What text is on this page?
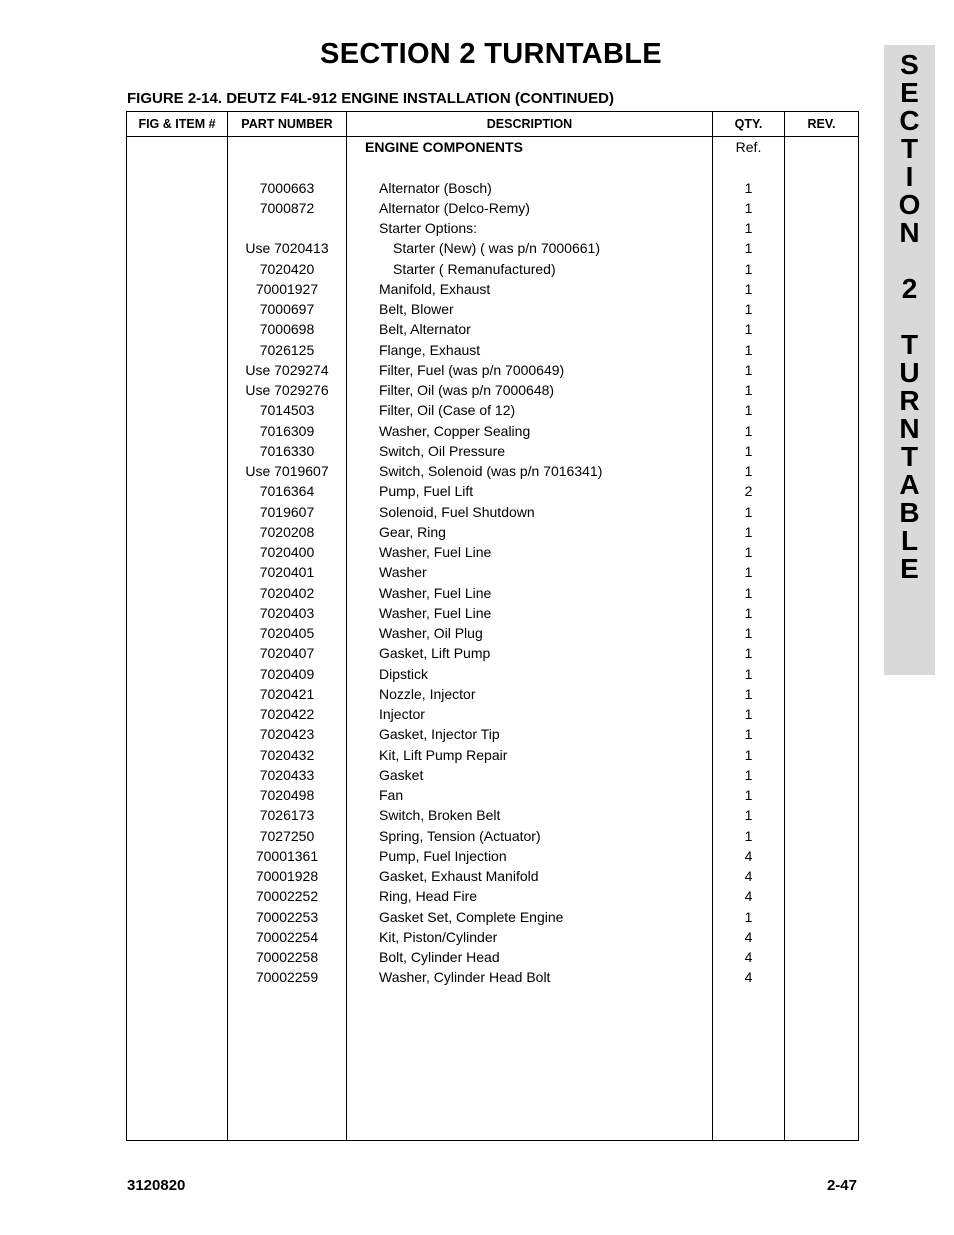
SECTION 2 TURNTABLE
FIGURE 2-14. DEUTZ F4L-912 ENGINE INSTALLATION (CONTINUED)
S
E
C
T
I
O
N

2

T
U
R
N
T
A
B
L
E
FIG & ITEM #	PART NUMBER	DESCRIPTION	QTY.	REV.
		ENGINE COMPONENTS	Ref.	

	7000663	Alternator (Bosch)	1	
	7000872	Alternator (Delco-Remy)	1	
		Starter Options:	1	
	Use 7020413	Starter (New) ( was p/n 7000661)	1	
	7020420	Starter ( Remanufactured)	1	
	70001927	Manifold, Exhaust	1	
	7000697	Belt, Blower	1	
	7000698	Belt, Alternator	1	
	7026125	Flange, Exhaust	1	
	Use 7029274	Filter, Fuel (was p/n 7000649)	1	
	Use 7029276	Filter, Oil (was p/n 7000648)	1	
	7014503	Filter, Oil (Case of 12)	1	
	7016309	Washer, Copper Sealing	1	
	7016330	Switch, Oil Pressure	1	
	Use 7019607	Switch, Solenoid (was p/n 7016341)	1	
	7016364	Pump, Fuel Lift	2	
	7019607	Solenoid, Fuel Shutdown	1	
	7020208	Gear, Ring	1	
	7020400	Washer, Fuel Line	1	
	7020401	Washer	1	
	7020402	Washer, Fuel Line	1	
	7020403	Washer, Fuel Line	1	
	7020405	Washer, Oil Plug	1	
	7020407	Gasket, Lift Pump	1	
	7020409	Dipstick	1	
	7020421	Nozzle, Injector	1	
	7020422	Injector	1	
	7020423	Gasket, Injector Tip	1	
	7020432	Kit, Lift Pump Repair	1	
	7020433	Gasket	1	
	7020498	Fan	1	
	7026173	Switch, Broken Belt	1	
	7027250	Spring, Tension (Actuator)	1	
	70001361	Pump, Fuel Injection	4	
	70001928	Gasket, Exhaust Manifold	4	
	70002252	Ring, Head Fire	4	
	70002253	Gasket Set, Complete Engine	1	
	70002254	Kit, Piston/Cylinder	4	
	70002258	Bolt, Cylinder Head	4	
	70002259	Washer, Cylinder Head Bolt	4	

3120820	2-47
